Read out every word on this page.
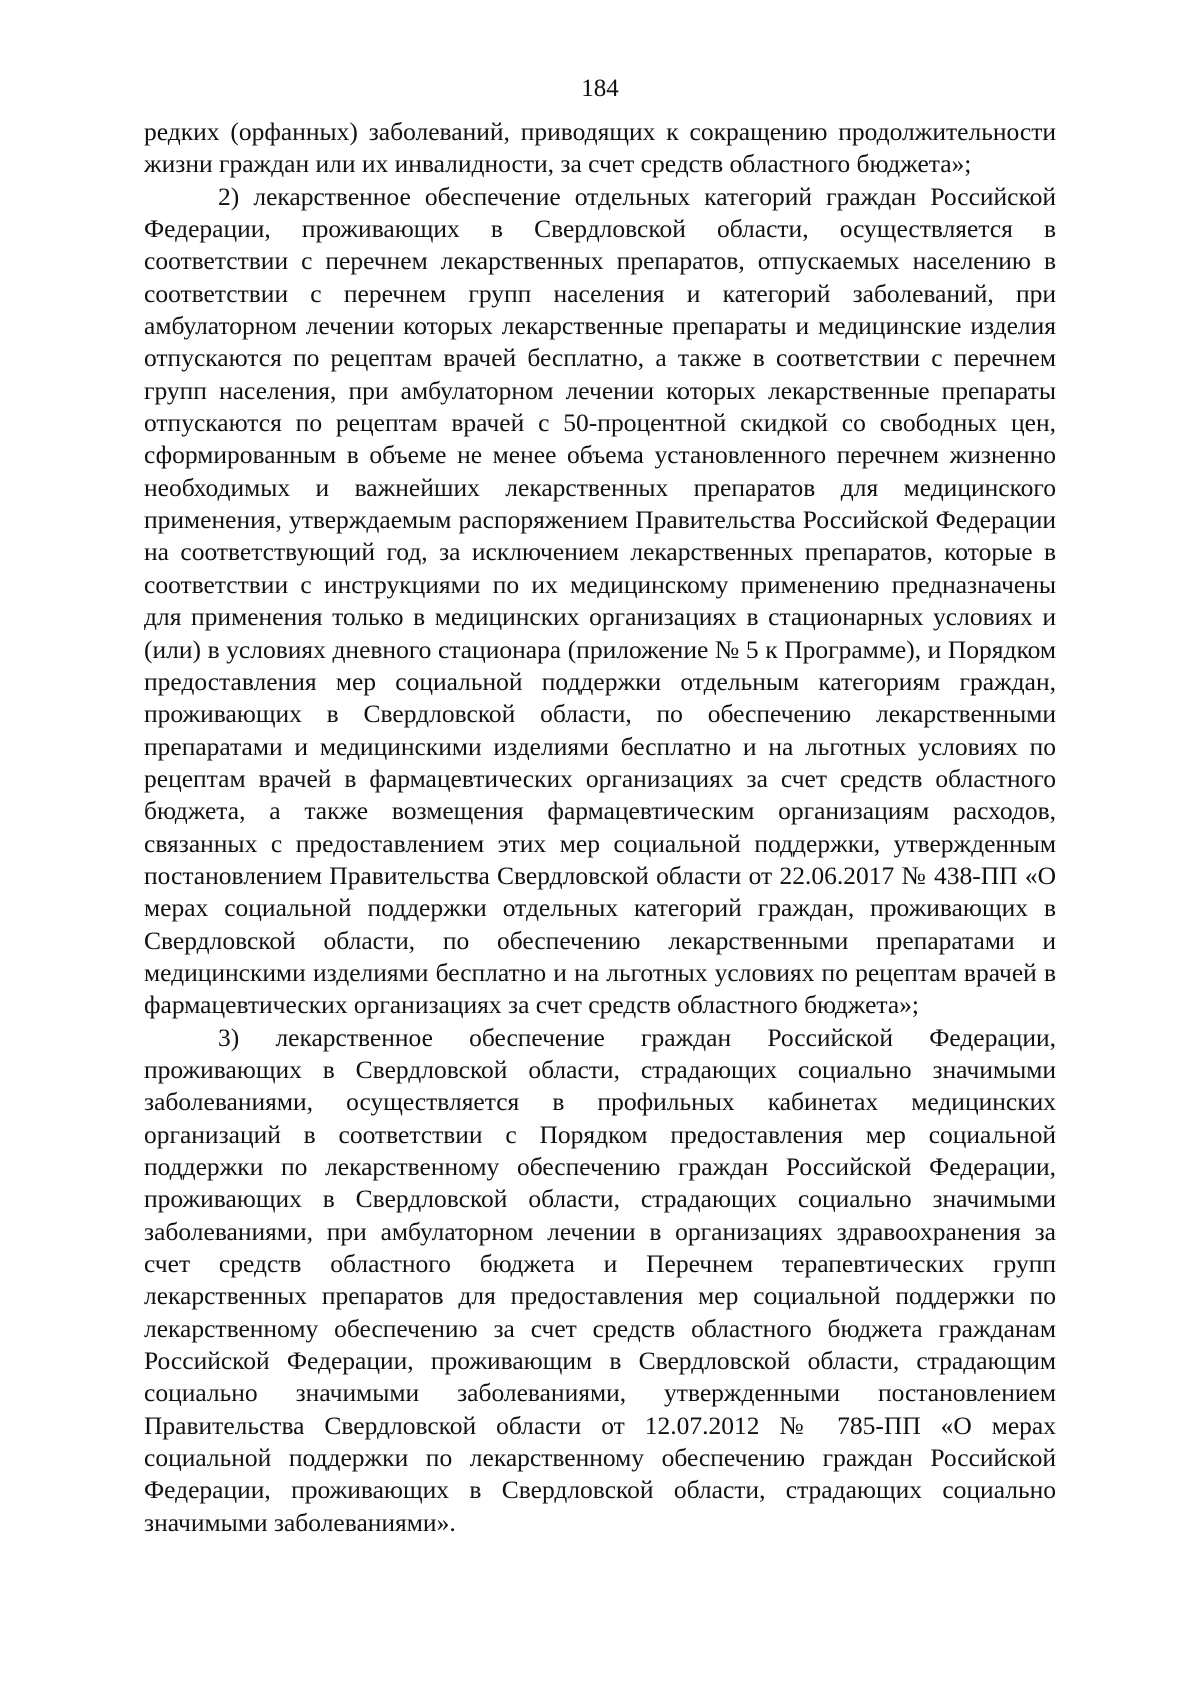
184

редких (орфанных) заболеваний, приводящих к сокращению продолжительности жизни граждан или их инвалидности, за счет средств областного бюджета»;

2) лекарственное обеспечение отдельных категорий граждан Российской Федерации, проживающих в Свердловской области, осуществляется в соответствии с перечнем лекарственных препаратов, отпускаемых населению в соответствии с перечнем групп населения и категорий заболеваний, при амбулаторном лечении которых лекарственные препараты и медицинские изделия отпускаются по рецептам врачей бесплатно, а также в соответствии с перечнем групп населения, при амбулаторном лечении которых лекарственные препараты отпускаются по рецептам врачей с 50-процентной скидкой со свободных цен, сформированным в объеме не менее объема установленного перечнем жизненно необходимых и важнейших лекарственных препаратов для медицинского применения, утверждаемым распоряжением Правительства Российской Федерации на соответствующий год, за исключением лекарственных препаратов, которые в соответствии с инструкциями по их медицинскому применению предназначены для применения только в медицинских организациях в стационарных условиях и (или) в условиях дневного стационара (приложение № 5 к Программе), и Порядком предоставления мер социальной поддержки отдельным категориям граждан, проживающих в Свердловской области, по обеспечению лекарственными препаратами и медицинскими изделиями бесплатно и на льготных условиях по рецептам врачей в фармацевтических организациях за счет средств областного бюджета, а также возмещения фармацевтическим организациям расходов, связанных с предоставлением этих мер социальной поддержки, утвержденным постановлением Правительства Свердловской области от 22.06.2017 № 438-ПП «О мерах социальной поддержки отдельных категорий граждан, проживающих в Свердловской области, по обеспечению лекарственными препаратами и медицинскими изделиями бесплатно и на льготных условиях по рецептам врачей в фармацевтических организациях за счет средств областного бюджета»;

3) лекарственное обеспечение граждан Российской Федерации, проживающих в Свердловской области, страдающих социально значимыми заболеваниями, осуществляется в профильных кабинетах медицинских организаций в соответствии с Порядком предоставления мер социальной поддержки по лекарственному обеспечению граждан Российской Федерации, проживающих в Свердловской области, страдающих социально значимыми заболеваниями, при амбулаторном лечении в организациях здравоохранения за счет средств областного бюджета и Перечнем терапевтических групп лекарственных препаратов для предоставления мер социальной поддержки по лекарственному обеспечению за счет средств областного бюджета гражданам Российской Федерации, проживающим в Свердловской области, страдающим социально значимыми заболеваниями, утвержденными постановлением Правительства Свердловской области от 12.07.2012 № 785-ПП «О мерах социальной поддержки по лекарственному обеспечению граждан Российской Федерации, проживающих в Свердловской области, страдающих социально значимыми заболеваниями».
